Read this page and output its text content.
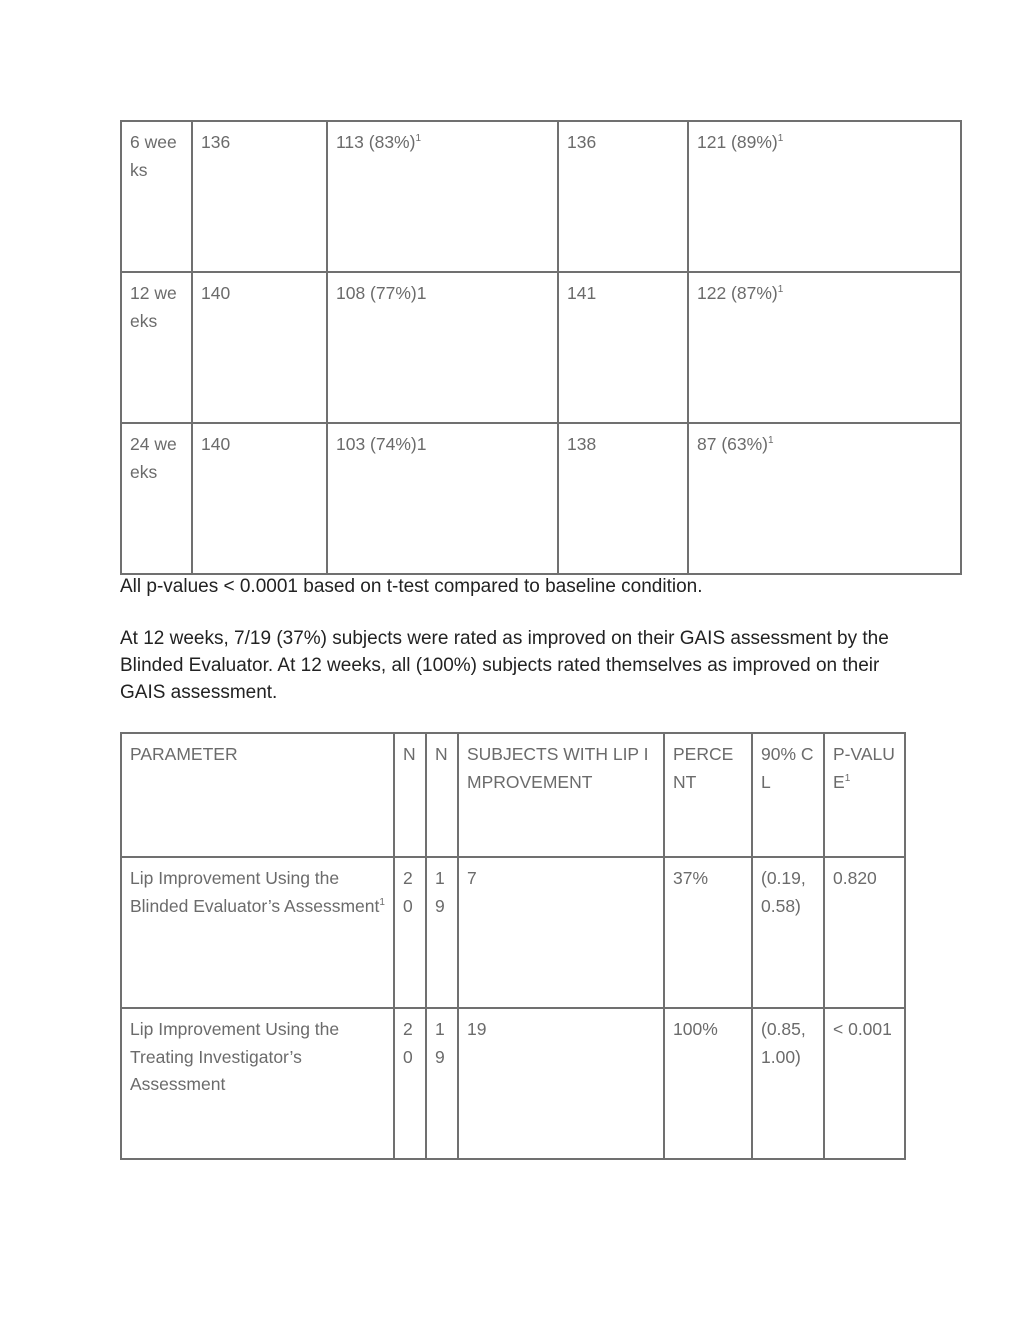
6 weeks	136	113 $(83\%)^1$	136	121 $(89\%)^1$
12 weeks	140	108 (77%)1	141	122 $(87\%)^1$
24 weeks	140	103 (74%)1	138	87 $(63\%)^1$

All p-values < 0.0001 based on t-test compared to baseline condition.

At 12 weeks, 7/19 (37%) subjects were rated as improved on their GAIS assessment by the Blinded Evaluator. At 12 weeks, all (100%) subjects rated themselves as improved on their GAIS assessment.

PARAMETER	N	N	SUBJECTS WITH LIP IMPROVEMENT	PERCENT	90% CL	P-VALUE$^1$
Lip Improvement Using the Blinded Evaluator’s Assessment$^1$	20	19	7	37%	(0.19, 0.58)	0.820
Lip Improvement Using the Treating Investigator’s Assessment	20	19	19	100%	(0.85, 1.00)	< 0.001
